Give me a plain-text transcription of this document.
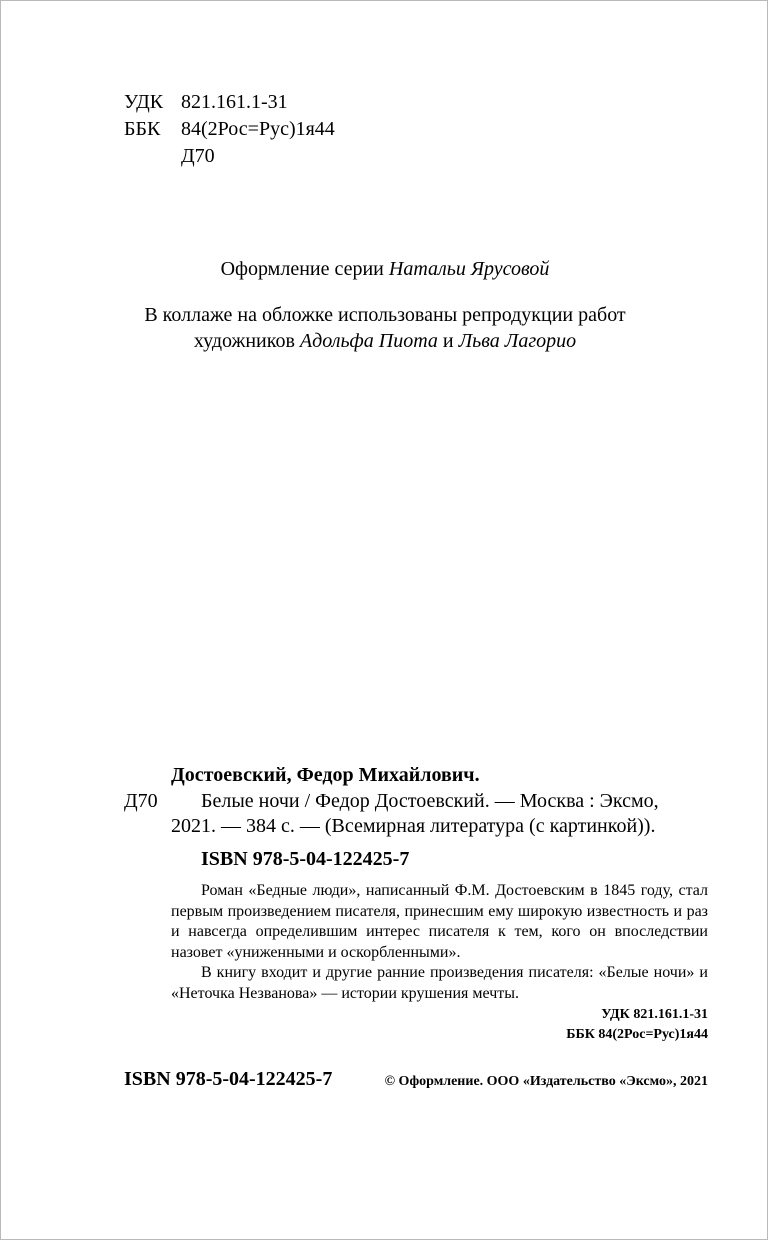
УДК 821.161.1-31
ББК 84(2Рос=Рус)1я44
Д70
Оформление серии Натальи Ярусовой
В коллаже на обложке использованы репродукции работ
художников Адольфа Пиота и Льва Лагорио
Достоевский, Федор Михайлович.
Д70 Белые ночи / Федор Достоевский. — Москва : Эксмо,
2021. — 384 с. — (Всемирная литература (с картинкой)).
ISBN 978-5-04-122425-7

Роман «Бедные люди», написанный Ф.М. Достоевским в 1845 году, стал первым произведением писателя, принесшим ему широкую известность и раз и навсегда определившим интерес писателя к тем, кого он впоследствии назовет «униженными и оскорбленными».

В книгу входит и другие ранние произведения писателя: «Белые ночи» и «Неточка Незванова» — истории крушения мечты.

УДК 821.161.1-31
ББК 84(2Рос=Рус)1я44
ISBN 978-5-04-122425-7	© Оформление. ООО «Издательство «Эксмо», 2021
